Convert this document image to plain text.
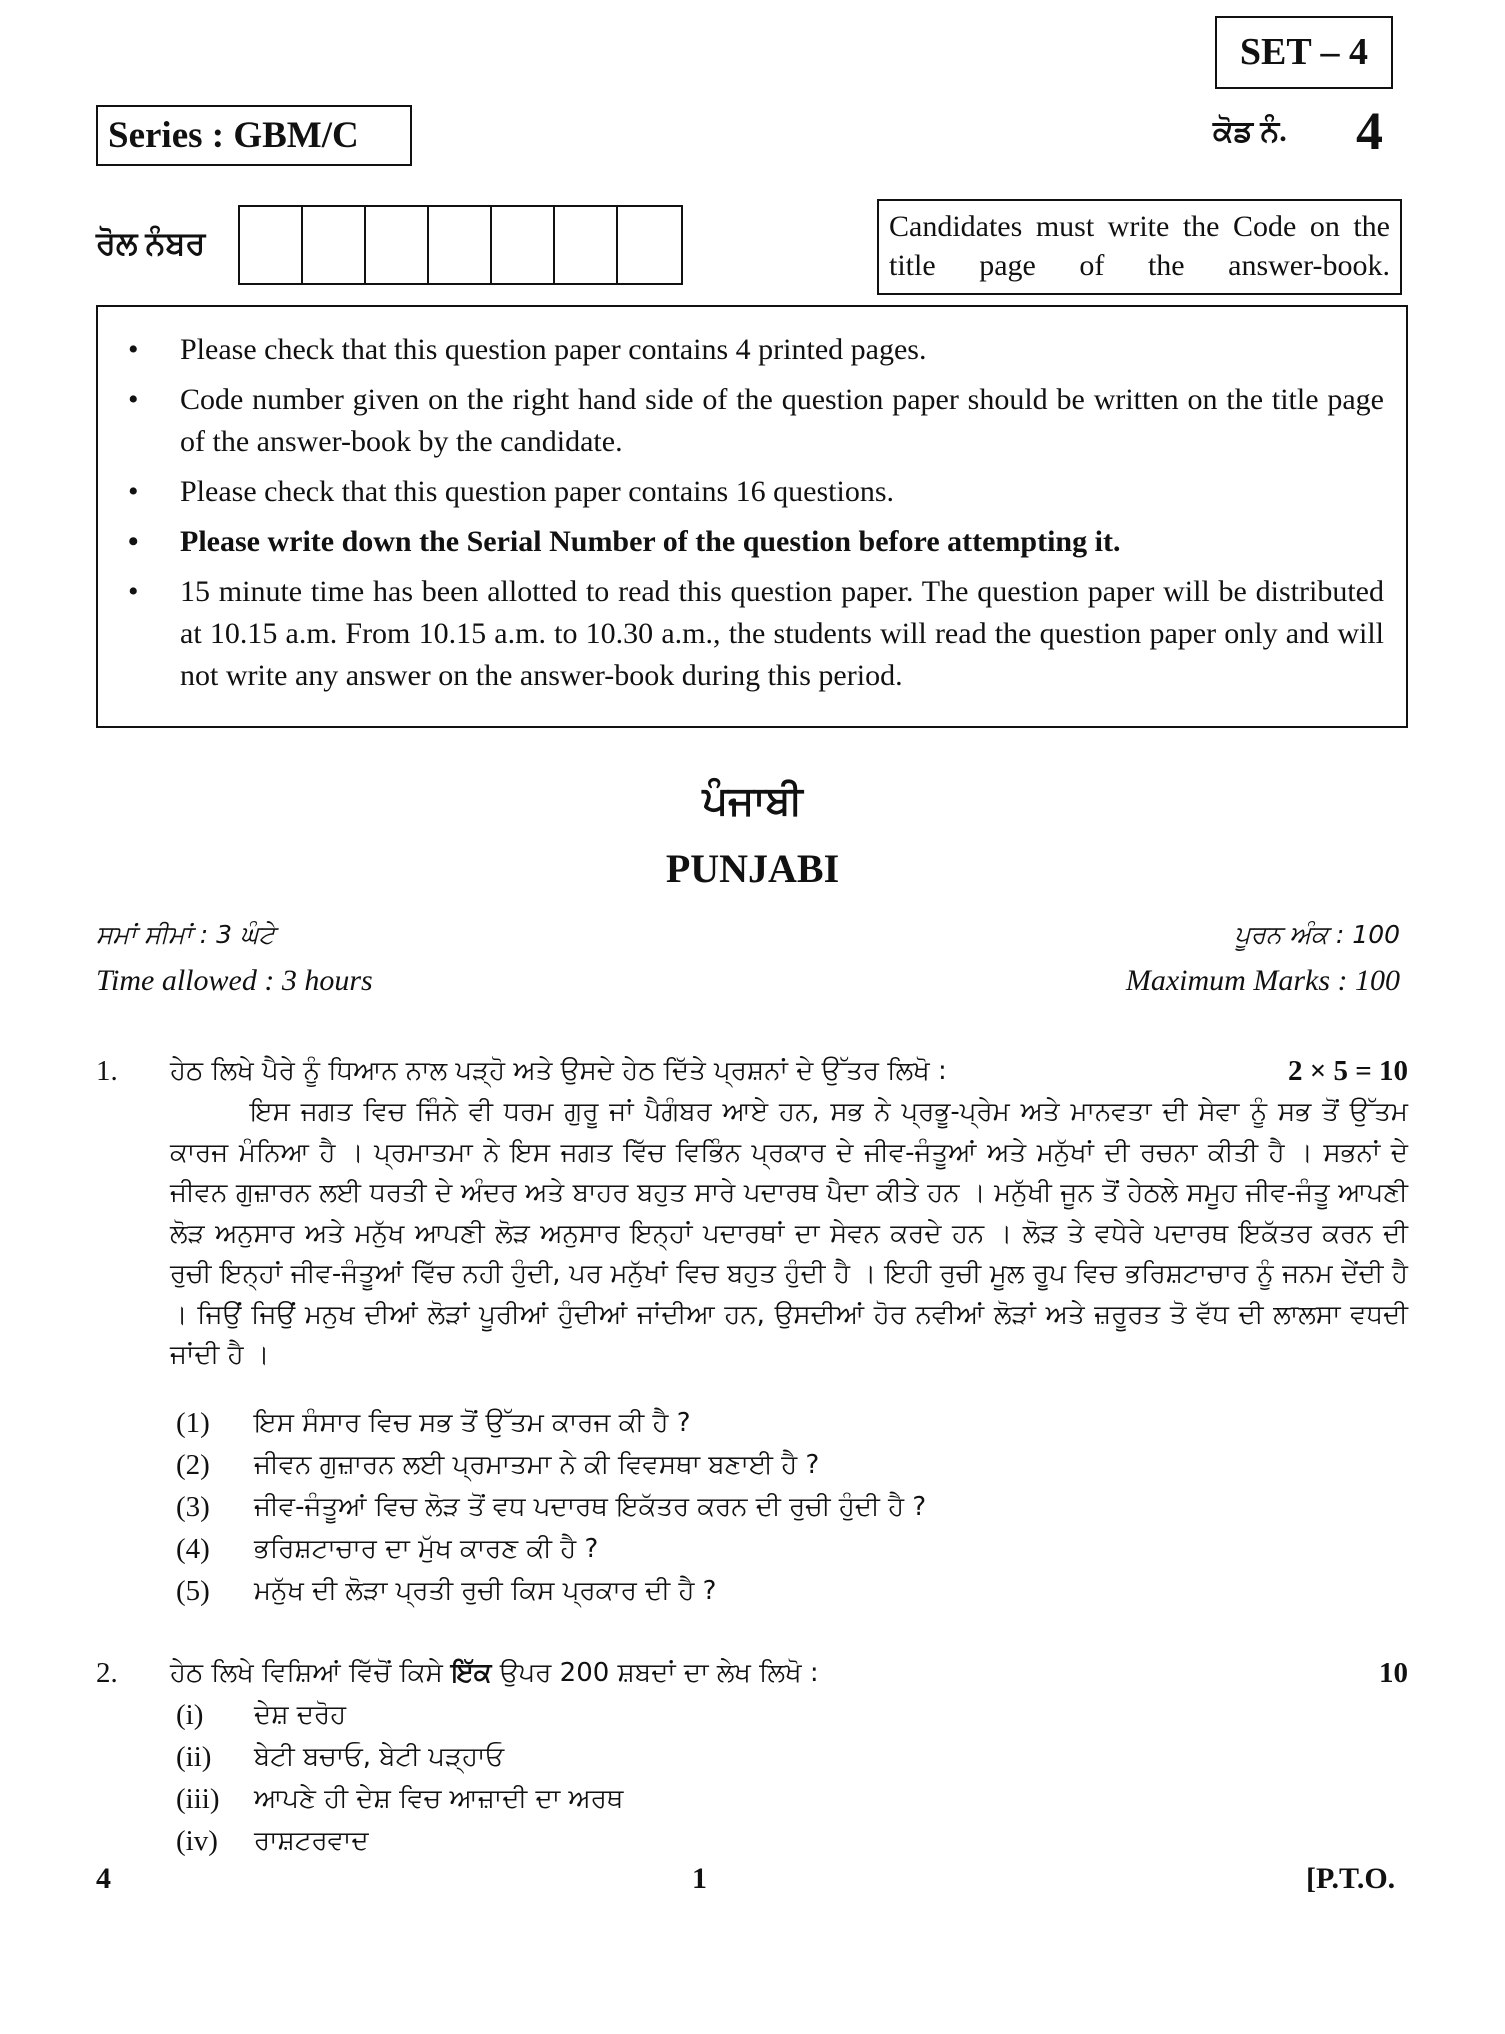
SET – 4
Series : GBM/C	ਕੋਡ ਨੰ. 4
ਰੋਲ ਨੰਬਰ	Candidates must write the Code on the title page of the answer-book.
• Please check that this question paper contains 4 printed pages.
• Code number given on the right hand side of the question paper should be written on the title page of the answer-book by the candidate.
• Please check that this question paper contains 16 questions.
• Please write down the Serial Number of the question before attempting it.
• 15 minute time has been allotted to read this question paper. The question paper will be distributed at 10.15 a.m. From 10.15 a.m. to 10.30 a.m., the students will read the question paper only and will not write any answer on the answer-book during this period.
ਪੰਜਾਬੀ
PUNJABI
ਸਮਾਂ ਸੀਮਾਂ : 3 ਘੰਟੇ	ਪੂਰਨ ਅੰਕ : 100
Time allowed : 3 hours	Maximum Marks : 100
1. ਹੇਠ ਲਿਖੇ ਪੈਰੇ ਨੂੰ ਧਿਆਨ ਨਾਲ ਪੜ੍ਹੋ ਅਤੇ ਉਸਦੇ ਹੇਠ ਦਿੱਤੇ ਪ੍ਰਸ਼ਨਾਂ ਦੇ ਉੱਤਰ ਲਿਖੋ :	2 × 5 = 10

ਇਸ ਜਗਤ ਵਿਚ ਜਿੰਨੇ ਵੀ ਧਰਮ ਗੁਰੂ ਜਾਂ ਪੈਗੰਬਰ ਆਏ ਹਨ, ਸਭ ਨੇ ਪ੍ਰਭੂ-ਪ੍ਰੇਮ ਅਤੇ ਮਾਨਵਤਾ ਦੀ ਸੇਵਾ ਨੂੰ ਸਭ ਤੋਂ ਉੱਤਮ ਕਾਰਜ ਮੰਨਿਆ ਹੈ । ਪ੍ਰਮਾਤਮਾ ਨੇ ਇਸ ਜਗਤ ਵਿੱਚ ਵਿਭਿੰਨ ਪ੍ਰਕਾਰ ਦੇ ਜੀਵ-ਜੰਤੂਆਂ ਅਤੇ ਮਨੁੱਖਾਂ ਦੀ ਰਚਨਾ ਕੀਤੀ ਹੈ । ਸਭਨਾਂ ਦੇ ਜੀਵਨ ਗੁਜ਼ਾਰਨ ਲਈ ਧਰਤੀ ਦੇ ਅੰਦਰ ਅਤੇ ਬਾਹਰ ਬਹੁਤ ਸਾਰੇ ਪਦਾਰਥ ਪੈਦਾ ਕੀਤੇ ਹਨ । ਮਨੁੱਖੀ ਜੂਨ ਤੋਂ ਹੇਠਲੇ ਸਮੂਹ ਜੀਵ-ਜੰਤੂ ਆਪਣੀ ਲੋੜ ਅਨੁਸਾਰ ਅਤੇ ਮਨੁੱਖ ਆਪਣੀ ਲੋੜ ਅਨੁਸਾਰ ਇਨ੍ਹਾਂ ਪਦਾਰਥਾਂ ਦਾ ਸੇਵਨ ਕਰਦੇ ਹਨ । ਲੋੜ ਤੇ ਵਧੇਰੇ ਪਦਾਰਥ ਇਕੱਤਰ ਕਰਨ ਦੀ ਰੁਚੀ ਇਨ੍ਹਾਂ ਜੀਵ-ਜੰਤੂਆਂ ਵਿੱਚ ਨਹੀ ਹੁੰਦੀ, ਪਰ ਮਨੁੱਖਾਂ ਵਿਚ ਬਹੁਤ ਹੁੰਦੀ ਹੈ । ਇਹੀ ਰੁਚੀ ਮੂਲ ਰੂਪ ਵਿਚ ਭਰਿਸ਼ਟਾਚਾਰ ਨੂੰ ਜਨਮ ਦੇਂਦੀ ਹੈ । ਜਿਉਂ ਜਿਉਂ ਮਨੁਖ ਦੀਆਂ ਲੋੜਾਂ ਪੂਰੀਆਂ ਹੁੰਦੀਆਂ ਜਾਂਦੀਆ ਹਨ, ਉਸਦੀਆਂ ਹੋਰ ਨਵੀਆਂ ਲੋੜਾਂ ਅਤੇ ਜ਼ਰੂਰਤ ਤੋ ਵੱਧ ਦੀ ਲਾਲਸਾ ਵਧਦੀ ਜਾਂਦੀ ਹੈ ।

(1) ਇਸ ਸੰਸਾਰ ਵਿਚ ਸਭ ਤੋਂ ਉੱਤਮ ਕਾਰਜ ਕੀ ਹੈ ?
(2) ਜੀਵਨ ਗੁਜ਼ਾਰਨ ਲਈ ਪ੍ਰਮਾਤਮਾ ਨੇ ਕੀ ਵਿਵਸਥਾ ਬਣਾਈ ਹੈ ?
(3) ਜੀਵ-ਜੰਤੂਆਂ ਵਿਚ ਲੋੜ ਤੋਂ ਵਧ ਪਦਾਰਥ ਇਕੱਤਰ ਕਰਨ ਦੀ ਰੁਚੀ ਹੁੰਦੀ ਹੈ ?
(4) ਭਰਿਸ਼ਟਾਚਾਰ ਦਾ ਮੁੱਖ ਕਾਰਣ ਕੀ ਹੈ ?
(5) ਮਨੁੱਖ ਦੀ ਲੋੜਾ ਪ੍ਰਤੀ ਰੁਚੀ ਕਿਸ ਪ੍ਰਕਾਰ ਦੀ ਹੈ ?
2. ਹੇਠ ਲਿਖੇ ਵਿਸ਼ਿਆਂ ਵਿੱਚੋਂ ਕਿਸੇ ਇੱਕ ਉਪਰ 200 ਸ਼ਬਦਾਂ ਦਾ ਲੇਖ ਲਿਖੋ :	10
(i) ਦੇਸ਼ ਦਰੋਹ
(ii) ਬੇਟੀ ਬਚਾਓ, ਬੇਟੀ ਪੜ੍ਹਾਓ
(iii) ਆਪਣੇ ਹੀ ਦੇਸ਼ ਵਿਚ ਆਜ਼ਾਦੀ ਦਾ ਅਰਥ
(iv) ਰਾਸ਼ਟਰਵਾਦ
4	1	[P.T.O.
